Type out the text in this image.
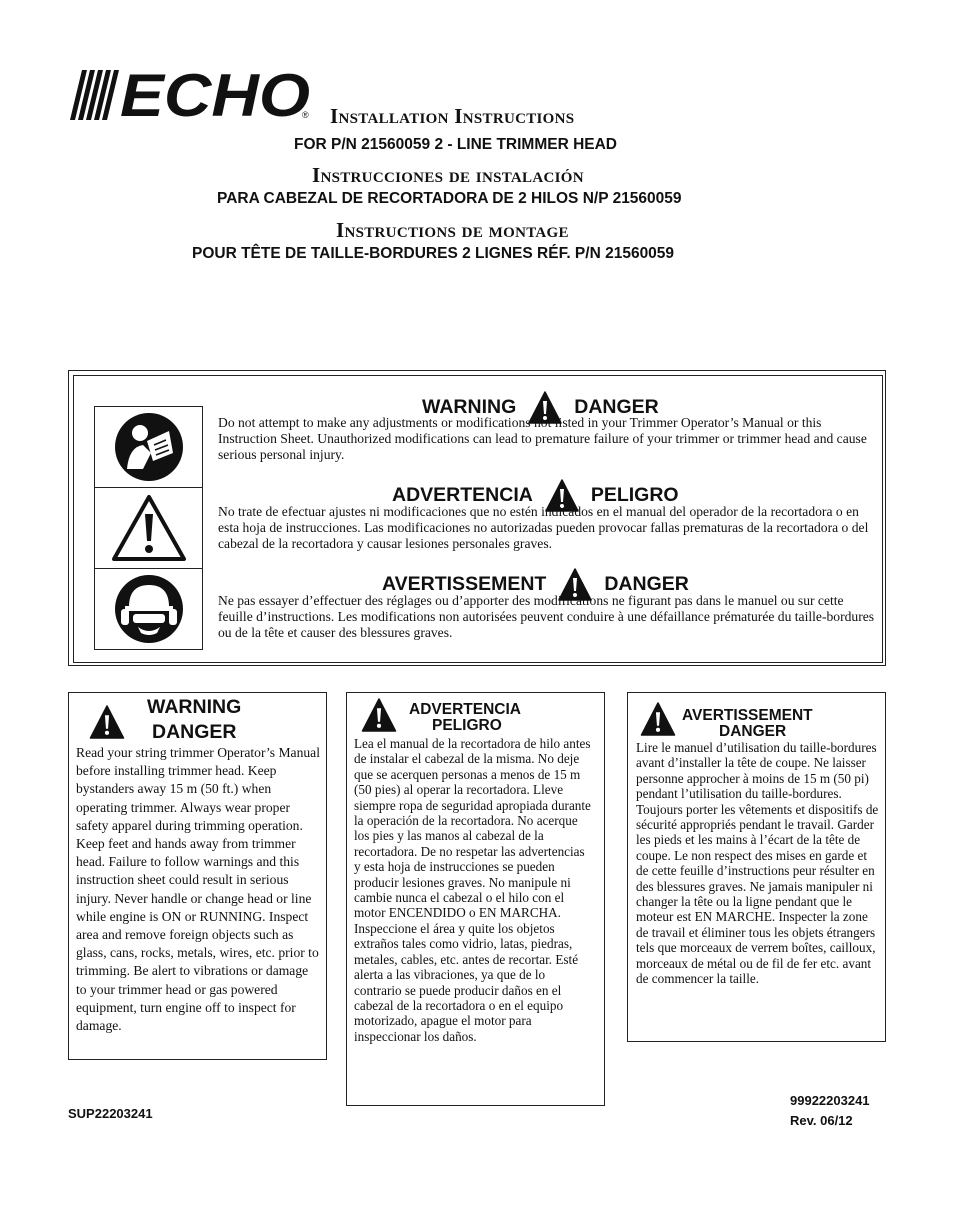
ECHO
® Installation Instructions
FOR P/N 21560059 2 - LINE TRIMMER HEAD
Instrucciones de instalación
PARA CABEZAL DE RECORTADORA DE 2 HILOS N/P 21560059
Instructions de montage
POUR TÊTE DE TAILLE-BORDURES 2 LIGNES RÉF. P/N 21560059
WARNING	DANGER
Do not attempt to make any adjustments or modifications not listed in your Trimmer Operator’s Manual or this Instruction Sheet. Unauthorized modifications can lead to premature failure of your trimmer or trimmer head and cause serious personal injury.
ADVERTENCIA	PELIGRO
No trate de efectuar ajustes ni modificaciones que no estén indicados en el manual del operador de la recortadora o en esta hoja de instrucciones. Las modificaciones no autorizadas pueden provocar fallas prematuras de la recortadora o del cabezal de la recortadora y causar lesiones personales graves.
AVERTISSEMENT	DANGER
Ne pas essayer d’effectuer des réglages ou d’apporter des modifications ne figurant pas dans le manuel ou sur cette feuille d’instructions. Les modifications non autorisées peuvent conduire à une défaillance prématurée du taille-bordures ou de la tête et causer des blessures graves.
WARNING
DANGER
Read your string trimmer Operator’s Manual before installing trimmer head. Keep bystanders away 15 m (50 ft.) when operating trimmer. Always wear proper safety apparel during trimming operation. Keep feet and hands away from trimmer head. Failure to follow warnings and this instruction sheet could result in serious injury. Never handle or change head or line while engine is ON or RUNNING. Inspect area and remove foreign objects such as glass, cans, rocks, metals, wires, etc. prior to trimming. Be alert to vibrations or damage to your trimmer head or gas powered equipment, turn engine off to inspect for damage.
ADVERTENCIA
PELIGRO
Lea el manual de la recortadora de hilo antes de instalar el cabezal de la misma. No deje que se acerquen personas a menos de 15 m (50 pies) al operar la recortadora. Lleve siempre ropa de seguridad apropiada durante la operación de la recortadora. No acerque los pies y las manos al cabezal de la recortadora. De no respetar las advertencias y esta hoja de instrucciones se pueden producir lesiones graves. No manipule ni cambie nunca el cabezal o el hilo con el motor ENCENDIDO o EN MARCHA. Inspeccione el área y quite los objetos extraños tales como vidrio, latas, piedras, metales, cables, etc. antes de recortar. Esté alerta a las vibraciones, ya que de lo contrario se puede producir daños en el cabezal de la recortadora o en el equipo motorizado, apague el motor para inspeccionar los daños.
AVERTISSEMENT
DANGER
Lire le manuel d’utilisation du taille-bordures avant d’installer la tête de coupe. Ne laisser personne approcher à moins de 15 m (50 pi) pendant l’utilisation du taille-bordures. Toujours porter les vêtements et dispositifs de sécurité appropriés pendant le travail. Garder les pieds et les mains à l’écart de la tête de coupe. Le non respect des mises en garde et de cette feuille d’instructions peur résulter en des blessures graves. Ne jamais manipuler ni changer la tête ou la ligne pendant que le moteur est EN MARCHE. Inspecter la zone de travail et éliminer tous les objets étrangers tels que morceaux de verrem boîtes, cailloux, morceaux de métal ou de fil de fer etc. avant de commencer la taille.
SUP22203241
99922203241
Rev. 06/12
